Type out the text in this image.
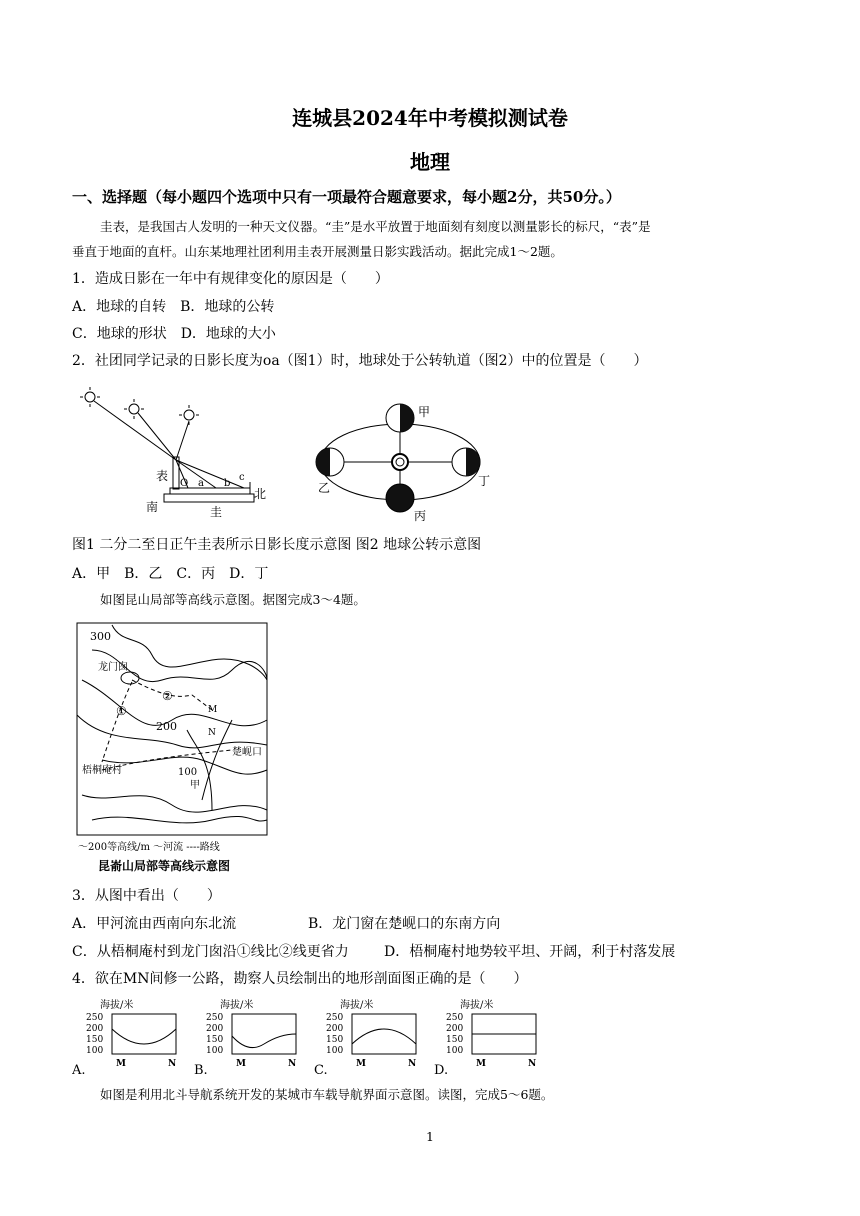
连城县2024年中考模拟测试卷
地理
一、选择题（每小题四个选项中只有一项最符合题意要求，每小题2分，共50分。）
圭表，是我国古人发明的一种天文仪器。“圭”是水平放置于地面刻有刻度以测量影长的标尺，“表”是
垂直于地面的直杆。山东某地理社团利用圭表开展测量日影实践活动。据此完成1～2题。
1．造成日影在一年中有规律变化的原因是（　　）
A．地球的自转　B．地球的公转
C．地球的形状　D．地球的大小
2．社团同学记录的日影长度为oa（图1）时，地球处于公转轨道（图2）中的位置是（　　）
表
O a b
c
南
北
圭
甲
乙
丙
丁
图1 二分二至日正午圭表所示日影长度示意图 图2 地球公转示意图
A．甲　B．乙　C．丙　D．丁
如图昆山局部等高线示意图。据图完成3～4题。
300
龙门囱
②
①
200
M
N
楚岘口
梧桐庵村	100
甲
～200等高线/m ～河流 ----路线
昆嵛山局部等高线示意图
3．从图中看出（　　）
A．甲河流由西南向东北流	B．龙门窗在楚岘口的东南方向
C．从梧桐庵村到龙门囱沿①线比②线更省力	D．梧桐庵村地势较平坦、开阔，利于村落发展
4．欲在MN间修一公路，勘察人员绘制出的地形剖面图正确的是（　　）
海拔/米
250
200
150
100
M	N
A.
海拔/米
250
200
150
100
M	N
B.
海拔/米
250
200
150
100
M	N
C.
海拔/米
250
200
150
100
M	N
D.
如图是利用北斗导航系统开发的某城市车载导航界面示意图。读图，完成5～6题。
1
